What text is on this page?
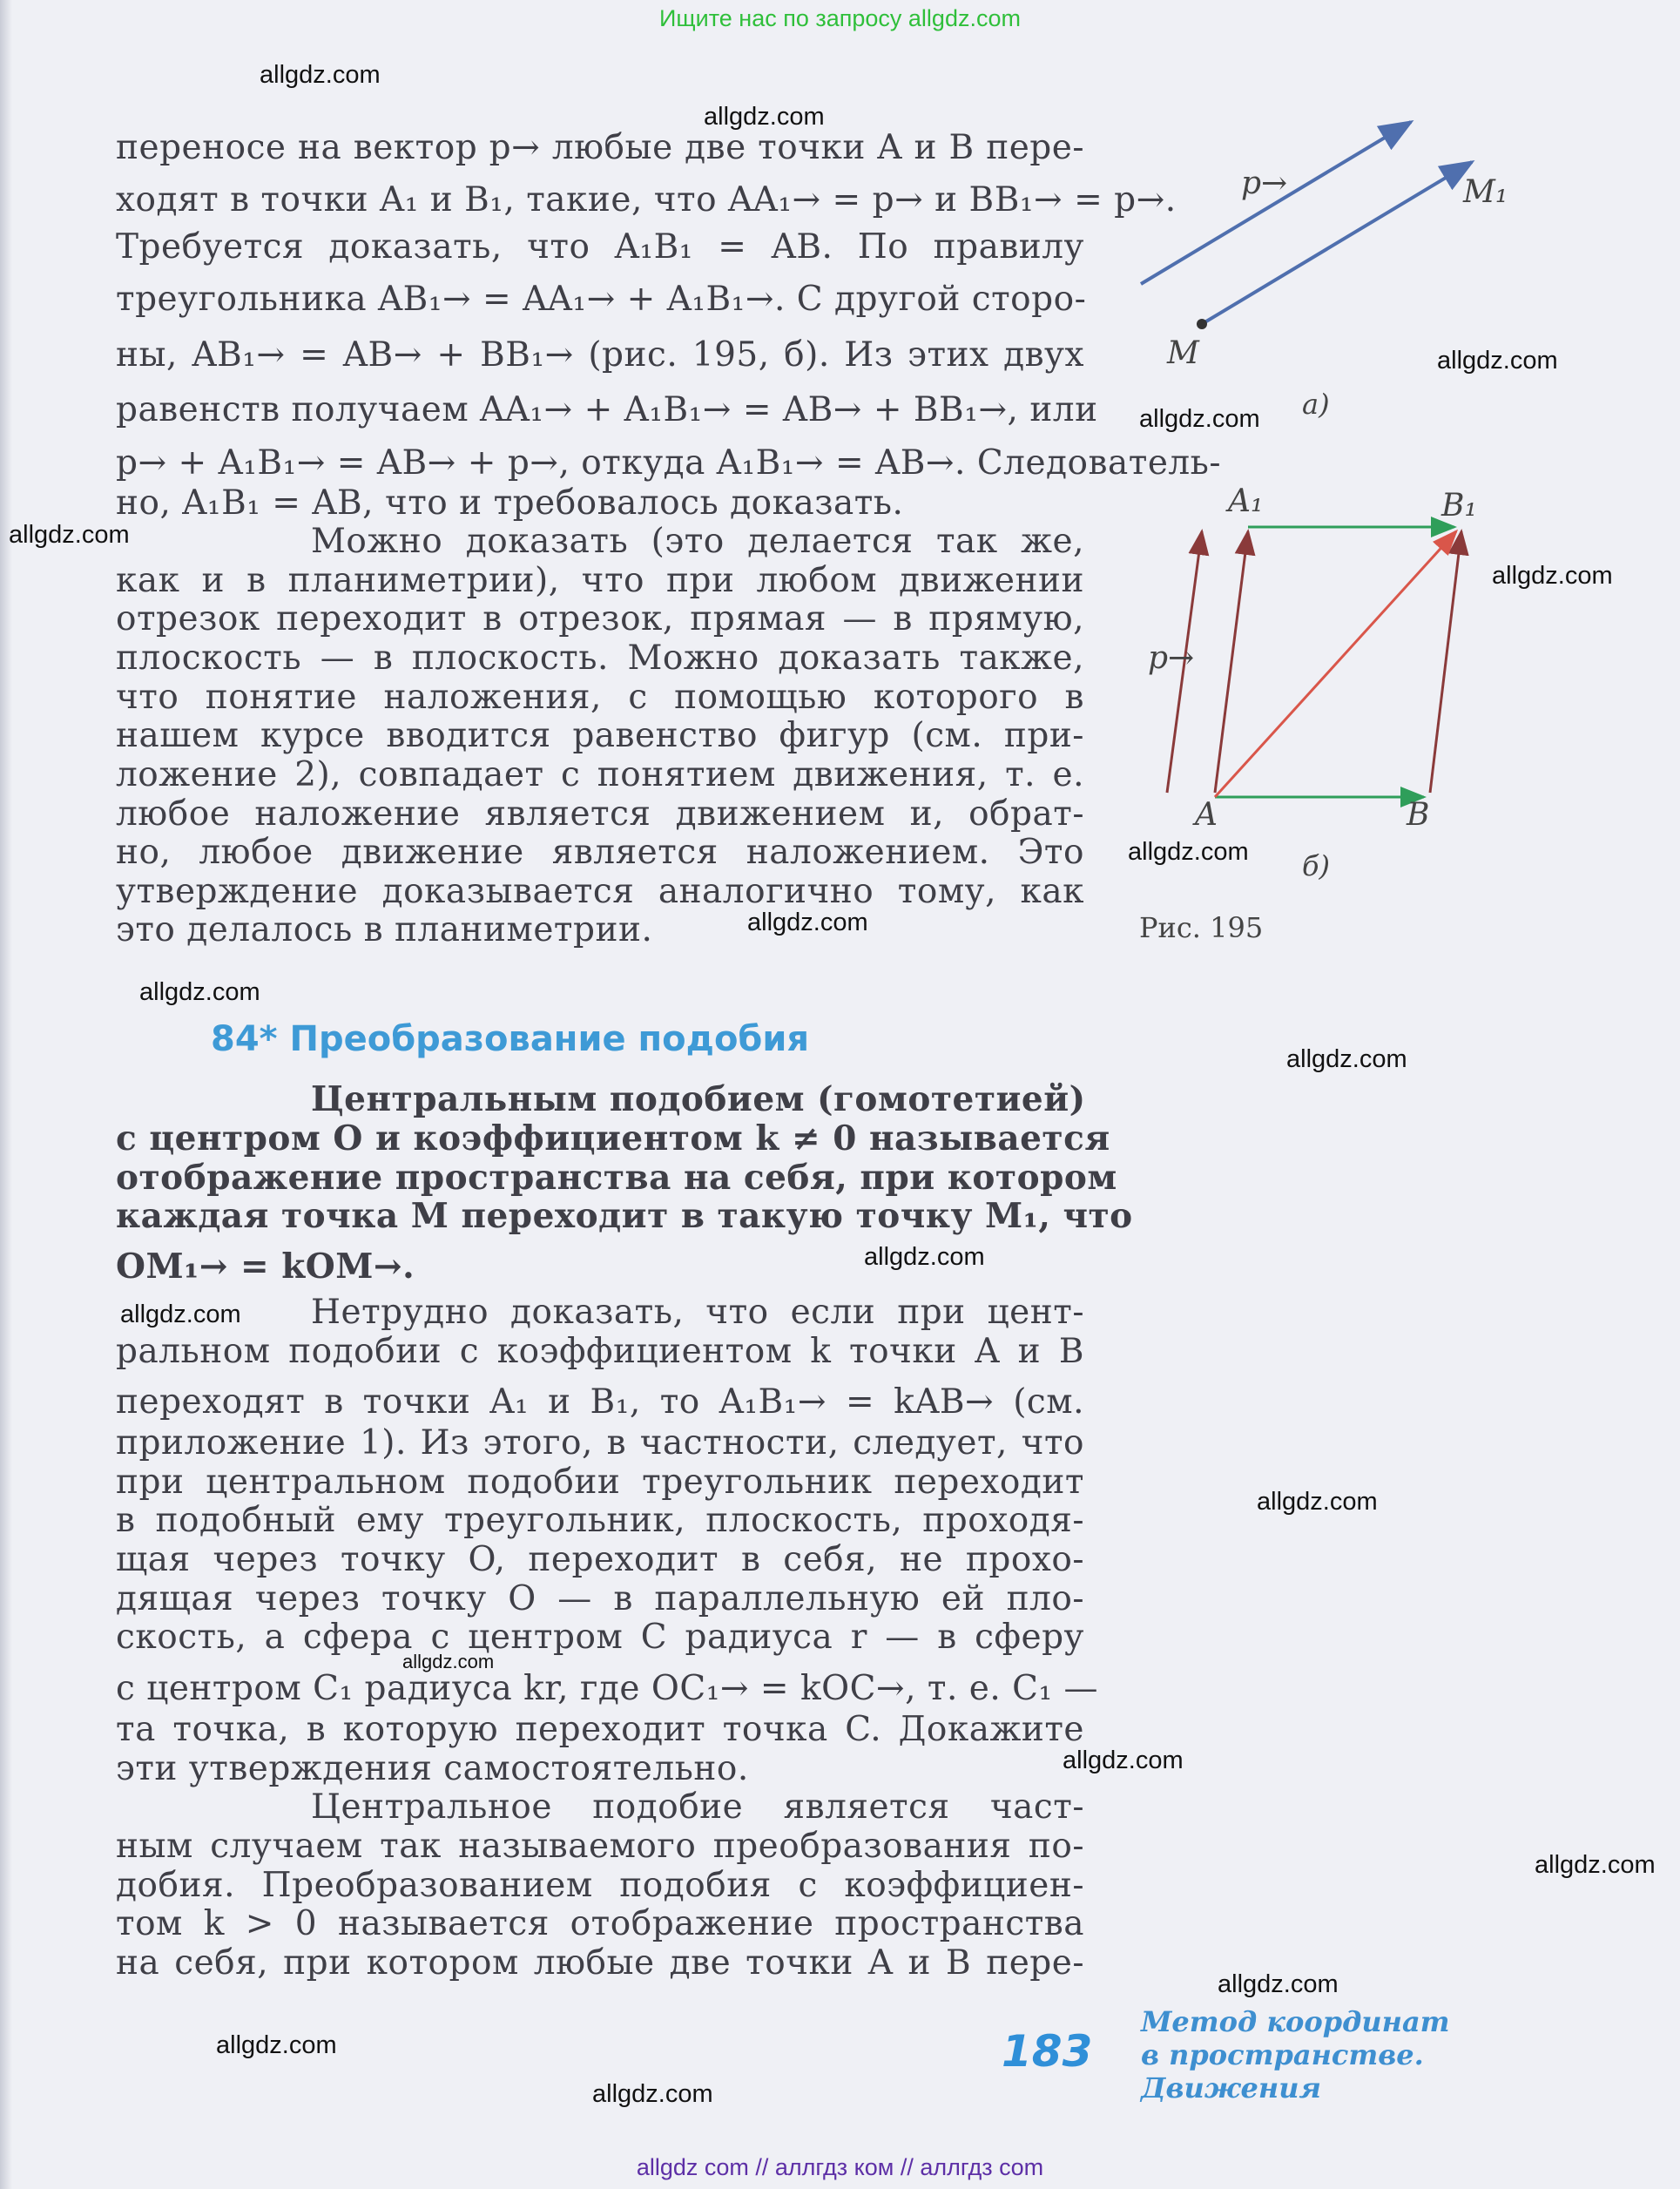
Ищите нас по запросу allgdz.com
переносе на вектор p→ любые две точки A и B пере-
ходят в точки A₁ и B₁, такие, что AA₁→ = p→ и BB₁→ = p→.
Требуется доказать, что A₁B₁ = AB. По правилу
треугольника AB₁→ = AA₁→ + A₁B₁→. С другой сторо-
ны, AB₁→ = AB→ + BB₁→ (рис. 195, б). Из этих двух
равенств получаем AA₁→ + A₁B₁→ = AB→ + BB₁→, или
p→ + A₁B₁→ = AB→ + p→, откуда A₁B₁→ = AB→. Следователь-
но, A₁B₁ = AB, что и требовалось доказать.
Можно доказать (это делается так же,
как и в планиметрии), что при любом движении
отрезок переходит в отрезок, прямая — в прямую,
плоскость — в плоскость. Можно доказать также,
что понятие наложения, с помощью которого в
нашем курсе вводится равенство фигур (см. при-
ложение 2), совпадает с понятием движения, т. е.
любое наложение является движением и, обрат-
но, любое движение является наложением. Это
утверждение доказывается аналогично тому, как
это делалось в планиметрии.
84* Преобразование подобия
Центральным подобием (гомотетией)
с центром O и коэффициентом k ≠ 0 называется
отображение пространства на себя, при котором
каждая точка M переходит в такую точку M₁, что
OM₁→ = kOM→.
Нетрудно доказать, что если при цент-
ральном подобии с коэффициентом k точки A и B
переходят в точки A₁ и B₁, то A₁B₁→ = kAB→ (см.
приложение 1). Из этого, в частности, следует, что
при центральном подобии треугольник переходит
в подобный ему треугольник, плоскость, проходя-
щая через точку O, переходит в себя, не прохо-
дящая через точку O — в параллельную ей пло-
скость, а сфера с центром C радиуса r — в сферу
с центром C₁ радиуса kr, где OC₁→ = kOC→, т. е. C₁ —
та точка, в которую переходит точка C. Докажите
эти утверждения самостоятельно.
Центральное подобие является част-
ным случаем так называемого преобразования по-
добия. Преобразованием подобия с коэффициен-
том k > 0 называется отображение пространства
на себя, при котором любые две точки A и B пере-
p→
M
M₁
а)
A₁	B₁
p→
A	B
б)
Рис. 195
183
Метод координат
в пространстве.
Движения
allgdz.com
allgdz.com
allgdz.com
allgdz.com
allgdz.com
allgdz.com
allgdz.com
allgdz.com
allgdz.com
allgdz.com
allgdz.com
allgdz.com
allgdz.com
allgdz.com
allgdz.com
allgdz.com
allgdz.com
allgdz.com
allgdz.com
allgdz com // аллгдз ком // аллгдз com
